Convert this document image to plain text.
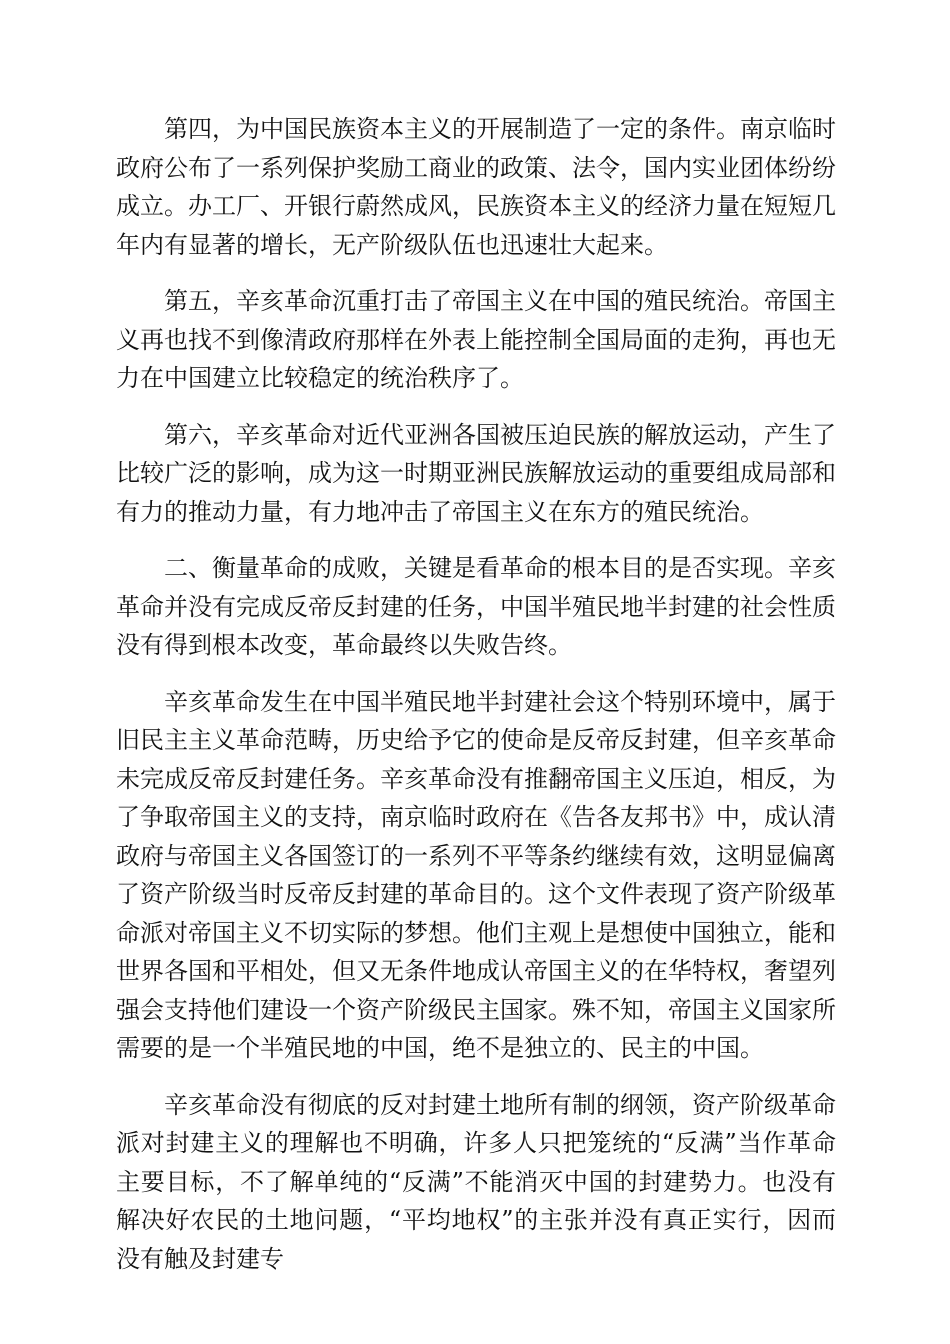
第四，为中国民族资本主义的开展制造了一定的条件。南京临时政府公布了一系列保护奖励工商业的政策、法令，国内实业团体纷纷成立。办工厂、开银行蔚然成风，民族资本主义的经济力量在短短几年内有显著的增长，无产阶级队伍也迅速壮大起来。

第五，辛亥革命沉重打击了帝国主义在中国的殖民统治。帝国主义再也找不到像清政府那样在外表上能控制全国局面的走狗，再也无力在中国建立比较稳定的统治秩序了。

第六，辛亥革命对近代亚洲各国被压迫民族的解放运动，产生了比较广泛的影响，成为这一时期亚洲民族解放运动的重要组成局部和有力的推动力量，有力地冲击了帝国主义在东方的殖民统治。

二、衡量革命的成败，关键是看革命的根本目的是否实现。辛亥革命并没有完成反帝反封建的任务，中国半殖民地半封建的社会性质没有得到根本改变，革命最终以失败告终。

辛亥革命发生在中国半殖民地半封建社会这个特别环境中，属于旧民主主义革命范畴，历史给予它的使命是反帝反封建，但辛亥革命未完成反帝反封建任务。辛亥革命没有推翻帝国主义压迫，相反，为了争取帝国主义的支持，南京临时政府在《告各友邦书》中，成认清政府与帝国主义各国签订的一系列不平等条约继续有效，这明显偏离了资产阶级当时反帝反封建的革命目的。这个文件表现了资产阶级革命派对帝国主义不切实际的梦想。他们主观上是想使中国独立，能和世界各国和平相处，但又无条件地成认帝国主义的在华特权，奢望列强会支持他们建设一个资产阶级民主国家。殊不知，帝国主义国家所需要的是一个半殖民地的中国，绝不是独立的、民主的中国。

辛亥革命没有彻底的反对封建土地所有制的纲领，资产阶级革命派对封建主义的理解也不明确，许多人只把笼统的“反满”当作革命主要目标，不了解单纯的“反满”不能消灭中国的封建势力。也没有解决好农民的土地问题，“平均地权”的主张并没有真正实行，因而没有触及封建专
